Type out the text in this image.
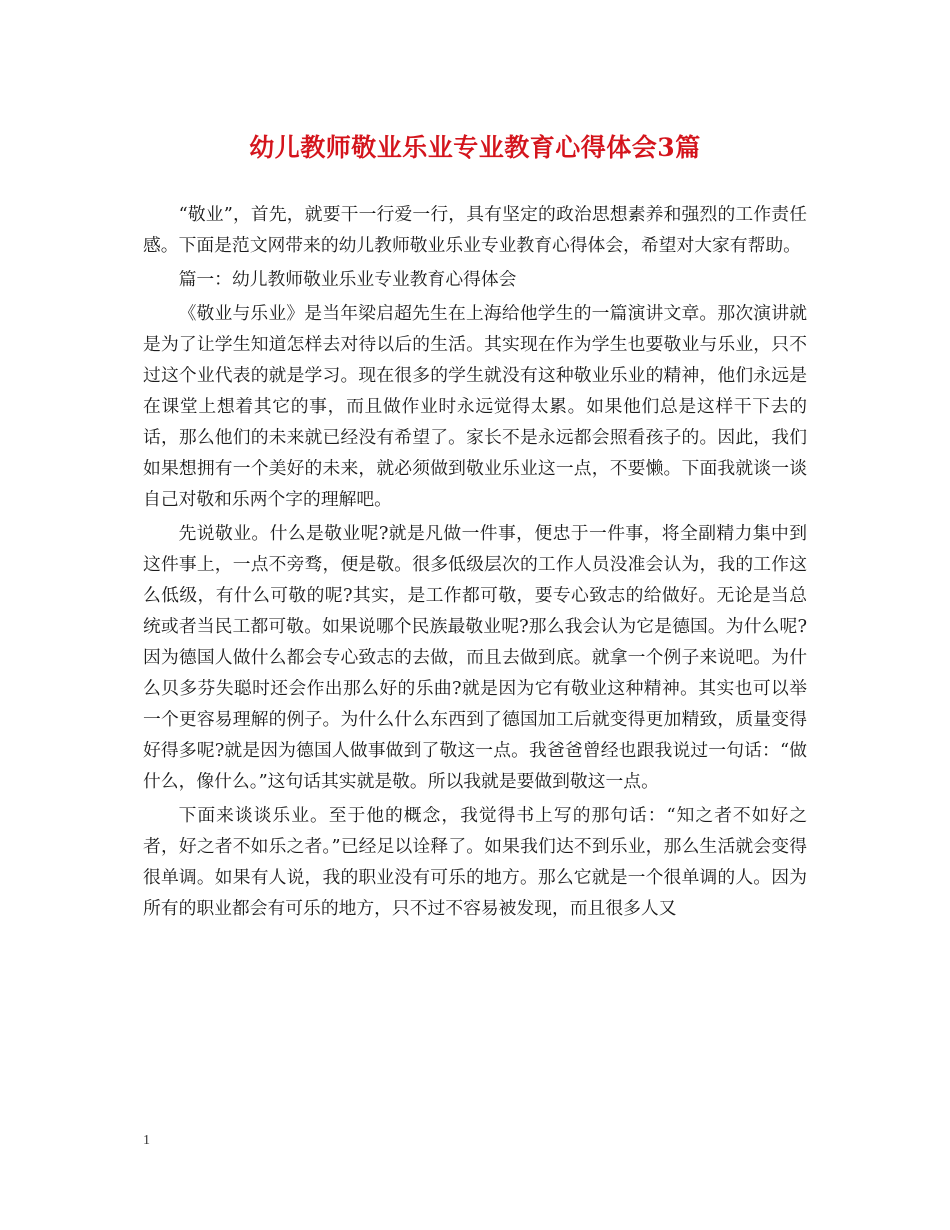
幼儿教师敬业乐业专业教育心得体会3篇

“敬业”，首先，就要干一行爱一行，具有坚定的政治思想素养和强烈的工作责任感。下面是范文网带来的幼儿教师敬业乐业专业教育心得体会，希望对大家有帮助。

篇一：幼儿教师敬业乐业专业教育心得体会

《敬业与乐业》是当年梁启超先生在上海给他学生的一篇演讲文章。那次演讲就是为了让学生知道怎样去对待以后的生活。其实现在作为学生也要敬业与乐业，只不过这个业代表的就是学习。现在很多的学生就没有这种敬业乐业的精神，他们永远是在课堂上想着其它的事，而且做作业时永远觉得太累。如果他们总是这样干下去的话，那么他们的未来就已经没有希望了。家长不是永远都会照看孩子的。因此，我们如果想拥有一个美好的未来，就必须做到敬业乐业这一点，不要懒。下面我就谈一谈自己对敬和乐两个字的理解吧。

先说敬业。什么是敬业呢?就是凡做一件事，便忠于一件事，将全副精力集中到这件事上，一点不旁骛，便是敬。很多低级层次的工作人员没准会认为，我的工作这么低级，有什么可敬的呢?其实，是工作都可敬，要专心致志的给做好。无论是当总统或者当民工都可敬。如果说哪个民族最敬业呢?那么我会认为它是德国。为什么呢?因为德国人做什么都会专心致志的去做，而且去做到底。就拿一个例子来说吧。为什么贝多芬失聪时还会作出那么好的乐曲?就是因为它有敬业这种精神。其实也可以举一个更容易理解的例子。为什么什么东西到了德国加工后就变得更加精致，质量变得好得多呢?就是因为德国人做事做到了敬这一点。我爸爸曾经也跟我说过一句话：“做什么，像什么。”这句话其实就是敬。所以我就是要做到敬这一点。

下面来谈谈乐业。至于他的概念，我觉得书上写的那句话：“知之者不如好之者，好之者不如乐之者。”已经足以诠释了。如果我们达不到乐业，那么生活就会变得很单调。如果有人说，我的职业没有可乐的地方。那么它就是一个很单调的人。因为所有的职业都会有可乐的地方，只不过不容易被发现，而且很多人又

1
